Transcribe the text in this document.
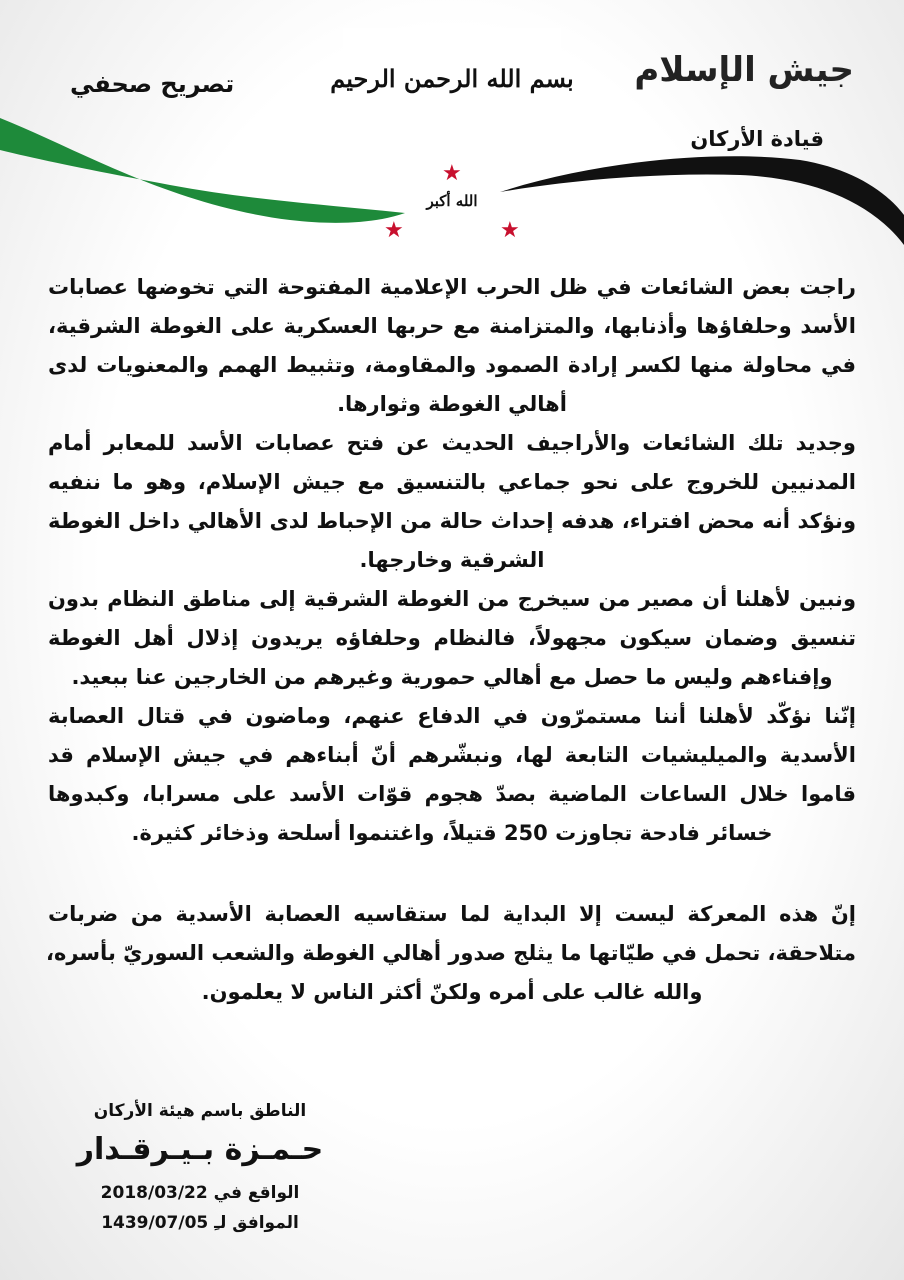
تصريح صحفي	بسم الله الرحمن الرحيم جيش الإسلام
قيادة الأركان
★
★	★
الله أكبر
راجت بعض الشائعات في ظل الحرب الإعلامية المفتوحة التي تخوضها عصابات
الأسد وحلفاؤها وأذنابها، والمتزامنة مع حربها العسكرية على الغوطة الشرقية،
في محاولة منها لكسر إرادة الصمود والمقاومة، وتثبيط الهمم والمعنويات لدى
أهالي الغوطة وثوارها.
وجديد تلك الشائعات والأراجيف الحديث عن فتح عصابات الأسد للمعابر أمام
المدنيين للخروج على نحو جماعي بالتنسيق مع جيش الإسلام، وهو ما ننفيه
ونؤكد أنه محض افتراء، هدفه إحداث حالة من الإحباط لدى الأهالي داخل الغوطة
الشرقية وخارجها.
ونبين لأهلنا أن مصير من سيخرج من الغوطة الشرقية إلى مناطق النظام بدون
تنسيق وضمان سيكون مجهولاً، فالنظام وحلفاؤه يريدون إذلال أهل الغوطة
وإفناءهم وليس ما حصل مع أهالي حمورية وغيرهم من الخارجين عنا ببعيد.
إنّنا نؤكّد لأهلنا أننا مستمرّون في الدفاع عنهم، وماضون في قتال العصابة
الأسدية والميليشيات التابعة لها، ونبشّرهم أنّ أبناءهم في جيش الإسلام قد
قاموا خلال الساعات الماضية بصدّ هجوم قوّات الأسد على مسرابا، وكبدوها
خسائر فادحة تجاوزت 250 قتيلاً، واغتنموا أسلحة وذخائر كثيرة.
إنّ هذه المعركة ليست إلا البداية لما ستقاسيه العصابة الأسدية من ضربات
متلاحقة، تحمل في طيّاتها ما يثلج صدور أهالي الغوطة والشعب السوريّ بأسره،
والله غالب على أمره ولكنّ أكثر الناس لا يعلمون.
الناطق باسم هيئة الأركان
حـمـزة بـيـرقـدار
الواقع في 2018/03/22
الموافق لـِ 1439/07/05
